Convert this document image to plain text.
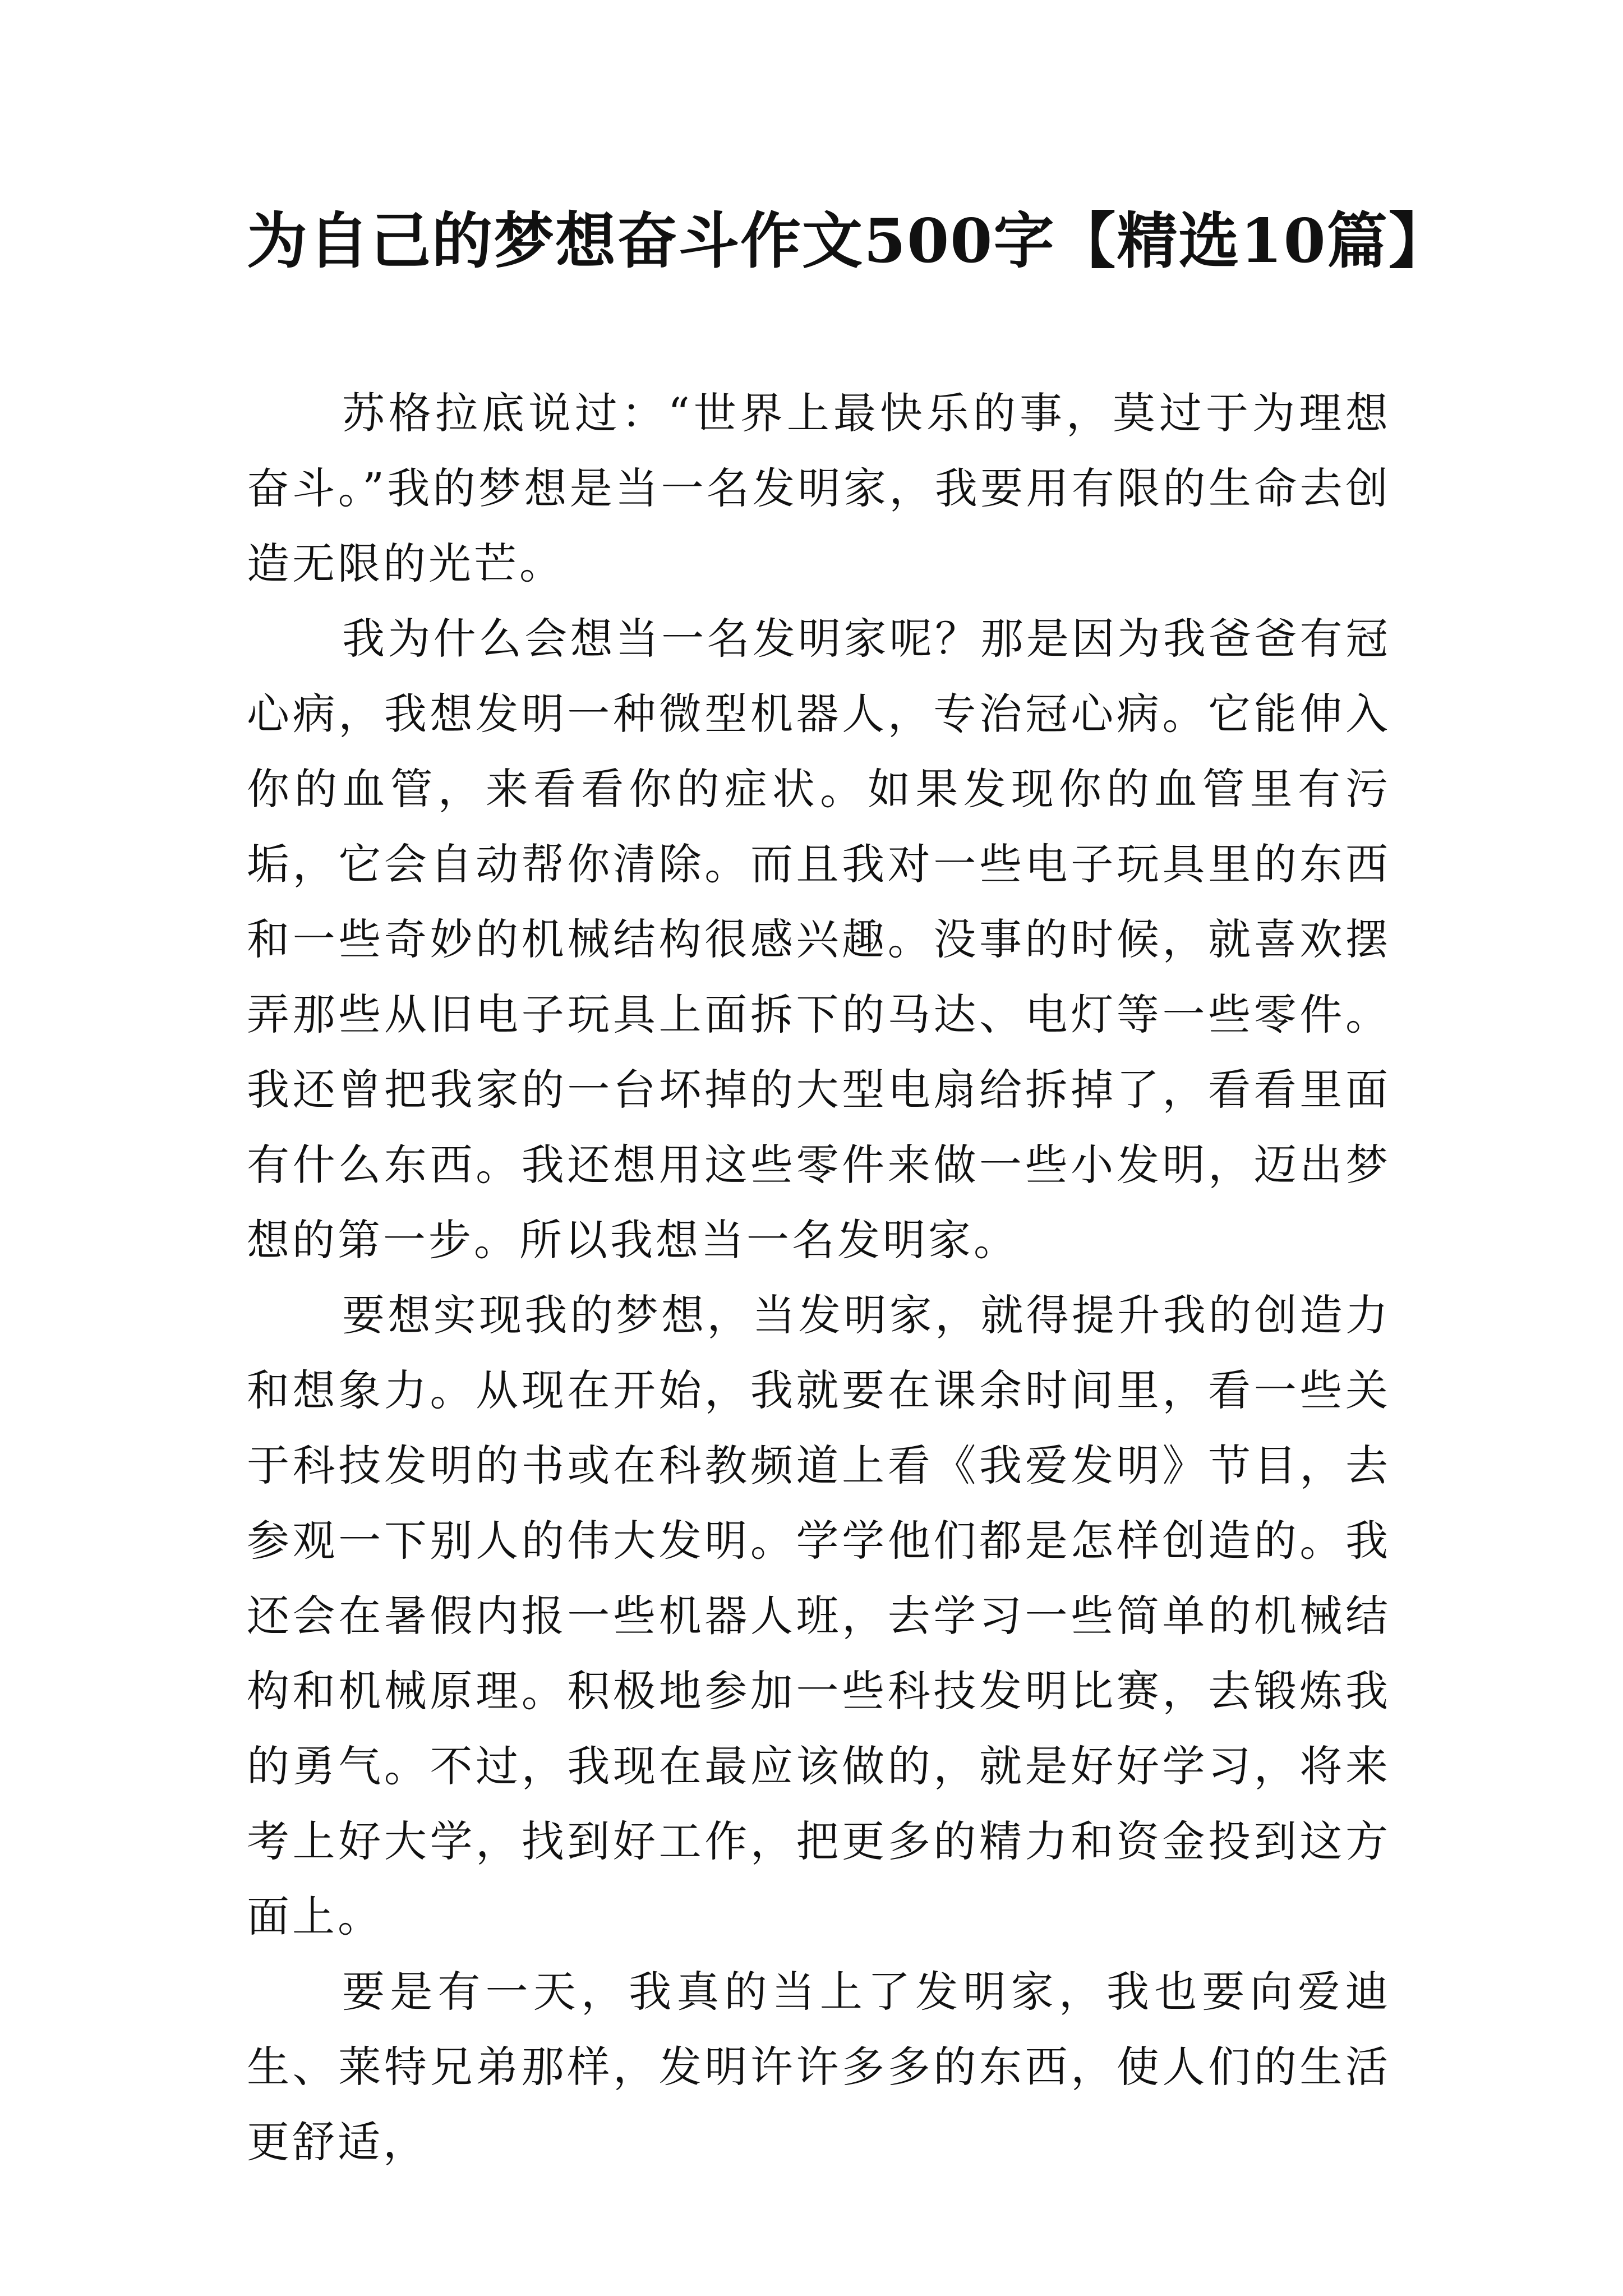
为自己的梦想奋斗作文500字【精选10篇】

苏格拉底说过：“世界上最快乐的事，莫过于为理想奋斗。”我的梦想是当一名发明家，我要用有限的生命去创造无限的光芒。

我为什么会想当一名发明家呢？那是因为我爸爸有冠心病，我想发明一种微型机器人，专治冠心病。它能伸入你的血管，来看看你的症状。如果发现你的血管里有污垢，它会自动帮你清除。而且我对一些电子玩具里的东西和一些奇妙的机械结构很感兴趣。没事的时候，就喜欢摆弄那些从旧电子玩具上面拆下的马达、电灯等一些零件。我还曾把我家的一台坏掉的大型电扇给拆掉了，看看里面有什么东西。我还想用这些零件来做一些小发明，迈出梦想的第一步。所以我想当一名发明家。

要想实现我的梦想，当发明家，就得提升我的创造力和想象力。从现在开始，我就要在课余时间里，看一些关于科技发明的书或在科教频道上看《我爱发明》节目，去参观一下别人的伟大发明。学学他们都是怎样创造的。我还会在暑假内报一些机器人班，去学习一些简单的机械结构和机械原理。积极地参加一些科技发明比赛，去锻炼我的勇气。不过，我现在最应该做的，就是好好学习，将来考上好大学，找到好工作，把更多的精力和资金投到这方面上。

要是有一天，我真的当上了发明家，我也要向爱迪生、莱特兄弟那样，发明许许多多的东西，使人们的生活更舒适，
